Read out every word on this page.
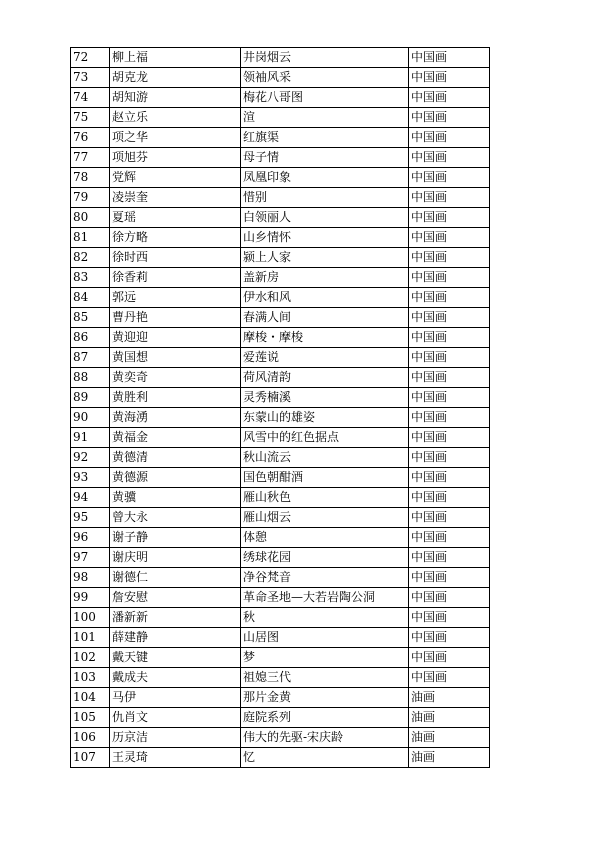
72	柳上福	井岗烟云	中国画
73	胡克龙	领袖风采	中国画
74	胡知游	梅花八哥图	中国画
75	赵立乐	渲	中国画
76	项之华	红旗渠	中国画
77	项旭芬	母子情	中国画
78	党辉	凤凰印象	中国画
79	凌崇奎	惜别	中国画
80	夏瑶	白领丽人	中国画
81	徐方略	山乡情怀	中国画
82	徐时西	颍上人家	中国画
83	徐香莉	盖新房	中国画
84	郭远	伊水和风	中国画
85	曹丹艳	春满人间	中国画
86	黄迎迎	摩梭・摩梭	中国画
87	黄国想	爱莲说	中国画
88	黄奕奇	荷风清韵	中国画
89	黄胜利	灵秀楠溪	中国画
90	黄海湧	东蒙山的雄姿	中国画
91	黄福金	风雪中的红色据点	中国画
92	黄德清	秋山流云	中国画
93	黄德源	国色朝酣酒	中国画
94	黄骥	雁山秋色	中国画
95	曾大永	雁山烟云	中国画
96	谢子静	体憩	中国画
97	谢庆明	绣球花园	中国画
98	谢德仁	净谷梵音	中国画
99	詹安慰	革命圣地—大若岩陶公洞	中国画
100	潘新新	秋	中国画
101	薛建静	山居图	中国画
102	戴天键	梦	中国画
103	戴成夫	祖媳三代	中国画
104	马伊	那片金黄	油画
105	仇肖文	庭院系列	油画
106	历京洁	伟大的先驱-宋庆龄	油画
107	王灵琦	忆	油画
